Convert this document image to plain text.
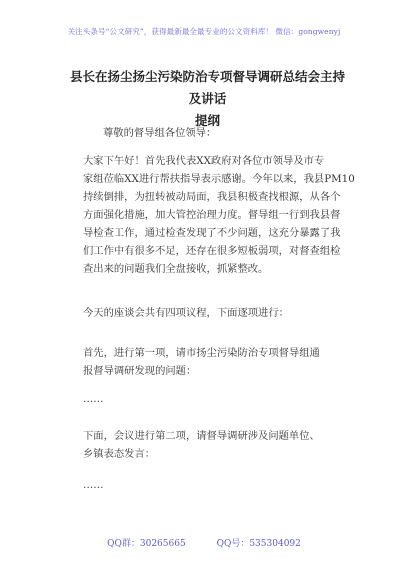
关注头条号“公文研究”，获得最新最全最专业的公文资料库！ 微信：gongwenyj
县长在扬尘扬尘污染防治专项督导调研总结会主持及讲话
提纲
尊敬的督导组各位领导：
大家下午好！首先我代表XX政府对各位市领导及市专
家组莅临XX进行帮扶指导表示感谢。今年以来，我县PM10
持续倒排，为扭转被动局面，我县积极查找根源，从各个
方面强化措施，加大管控治理力度。督导组一行到我县督
导检查工作，通过检查发现了不少问题，这充分暴露了我
们工作中有很多不足，还存在很多短板弱项，对督查组检
查出来的问题我们全盘接收，抓紧整改。
今天的座谈会共有四项议程，下面逐项进行：
首先，进行第一项，请市扬尘污染防治专项督导组通
报督导调研发现的问题：
……
下面，会议进行第二项，请督导调研涉及问题单位、
乡镇表态发言：
……
QQ群：30265665	QQ号：535304092
